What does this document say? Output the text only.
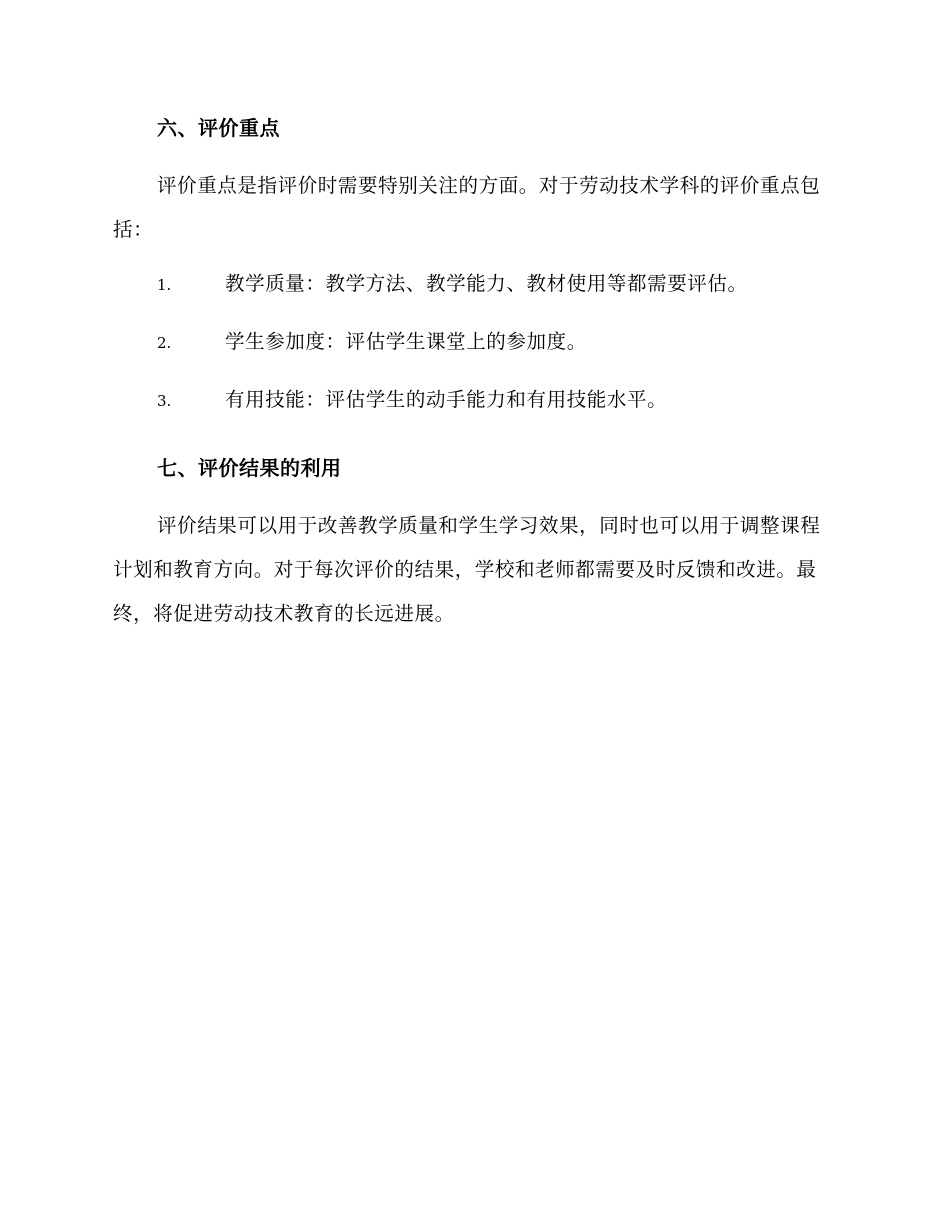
六、评价重点

评价重点是指评价时需要特别关注的方面。对于劳动技术学科的评价重点包括：

1.	教学质量：教学方法、教学能力、教材使用等都需要评估。
2.	学生参加度：评估学生课堂上的参加度。
3.	有用技能：评估学生的动手能力和有用技能水平。
七、评价结果的利用

评价结果可以用于改善教学质量和学生学习效果，同时也可以用于调整课程计划和教育方向。对于每次评价的结果，学校和老师都需要及时反馈和改进。最终，将促进劳动技术教育的长远进展。
